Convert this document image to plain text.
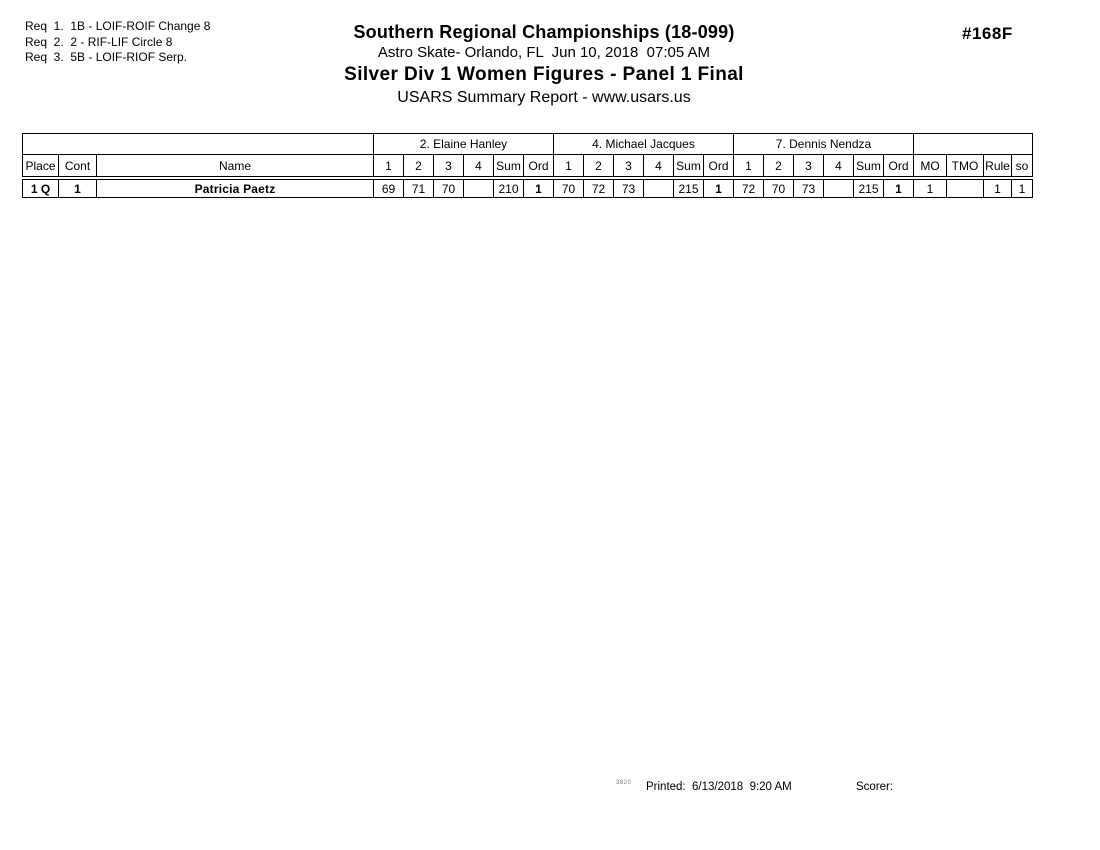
Req  1.  1B - LOIF-ROIF Change 8
Req  2.  2 - RIF-LIF Circle 8
Req  3.  5B - LOIF-RIOF Serp.
Southern Regional Championships (18-099)
Astro Skate- Orlando, FL  Jun 10, 2018  07:05 AM
Silver Div 1 Women Figures - Panel 1 Final
USARS Summary Report - www.usars.us
#168F
			2. Elaine Hanley						4. Michael Jacques						7. Dennis Nendza									
Place	Cont	Name	1	2	3	4	Sum	Ord	1	2	3	4	Sum	Ord	1	2	3	4	Sum	Ord	MO	TMO	Rule	so
1 Q	1	Patricia Paetz	69	71	70		210	1	70	72	73		215	1	72	70	73		215	1	1		1	1
3820 Printed:  6/13/2018  9:20 AM	Scorer:
